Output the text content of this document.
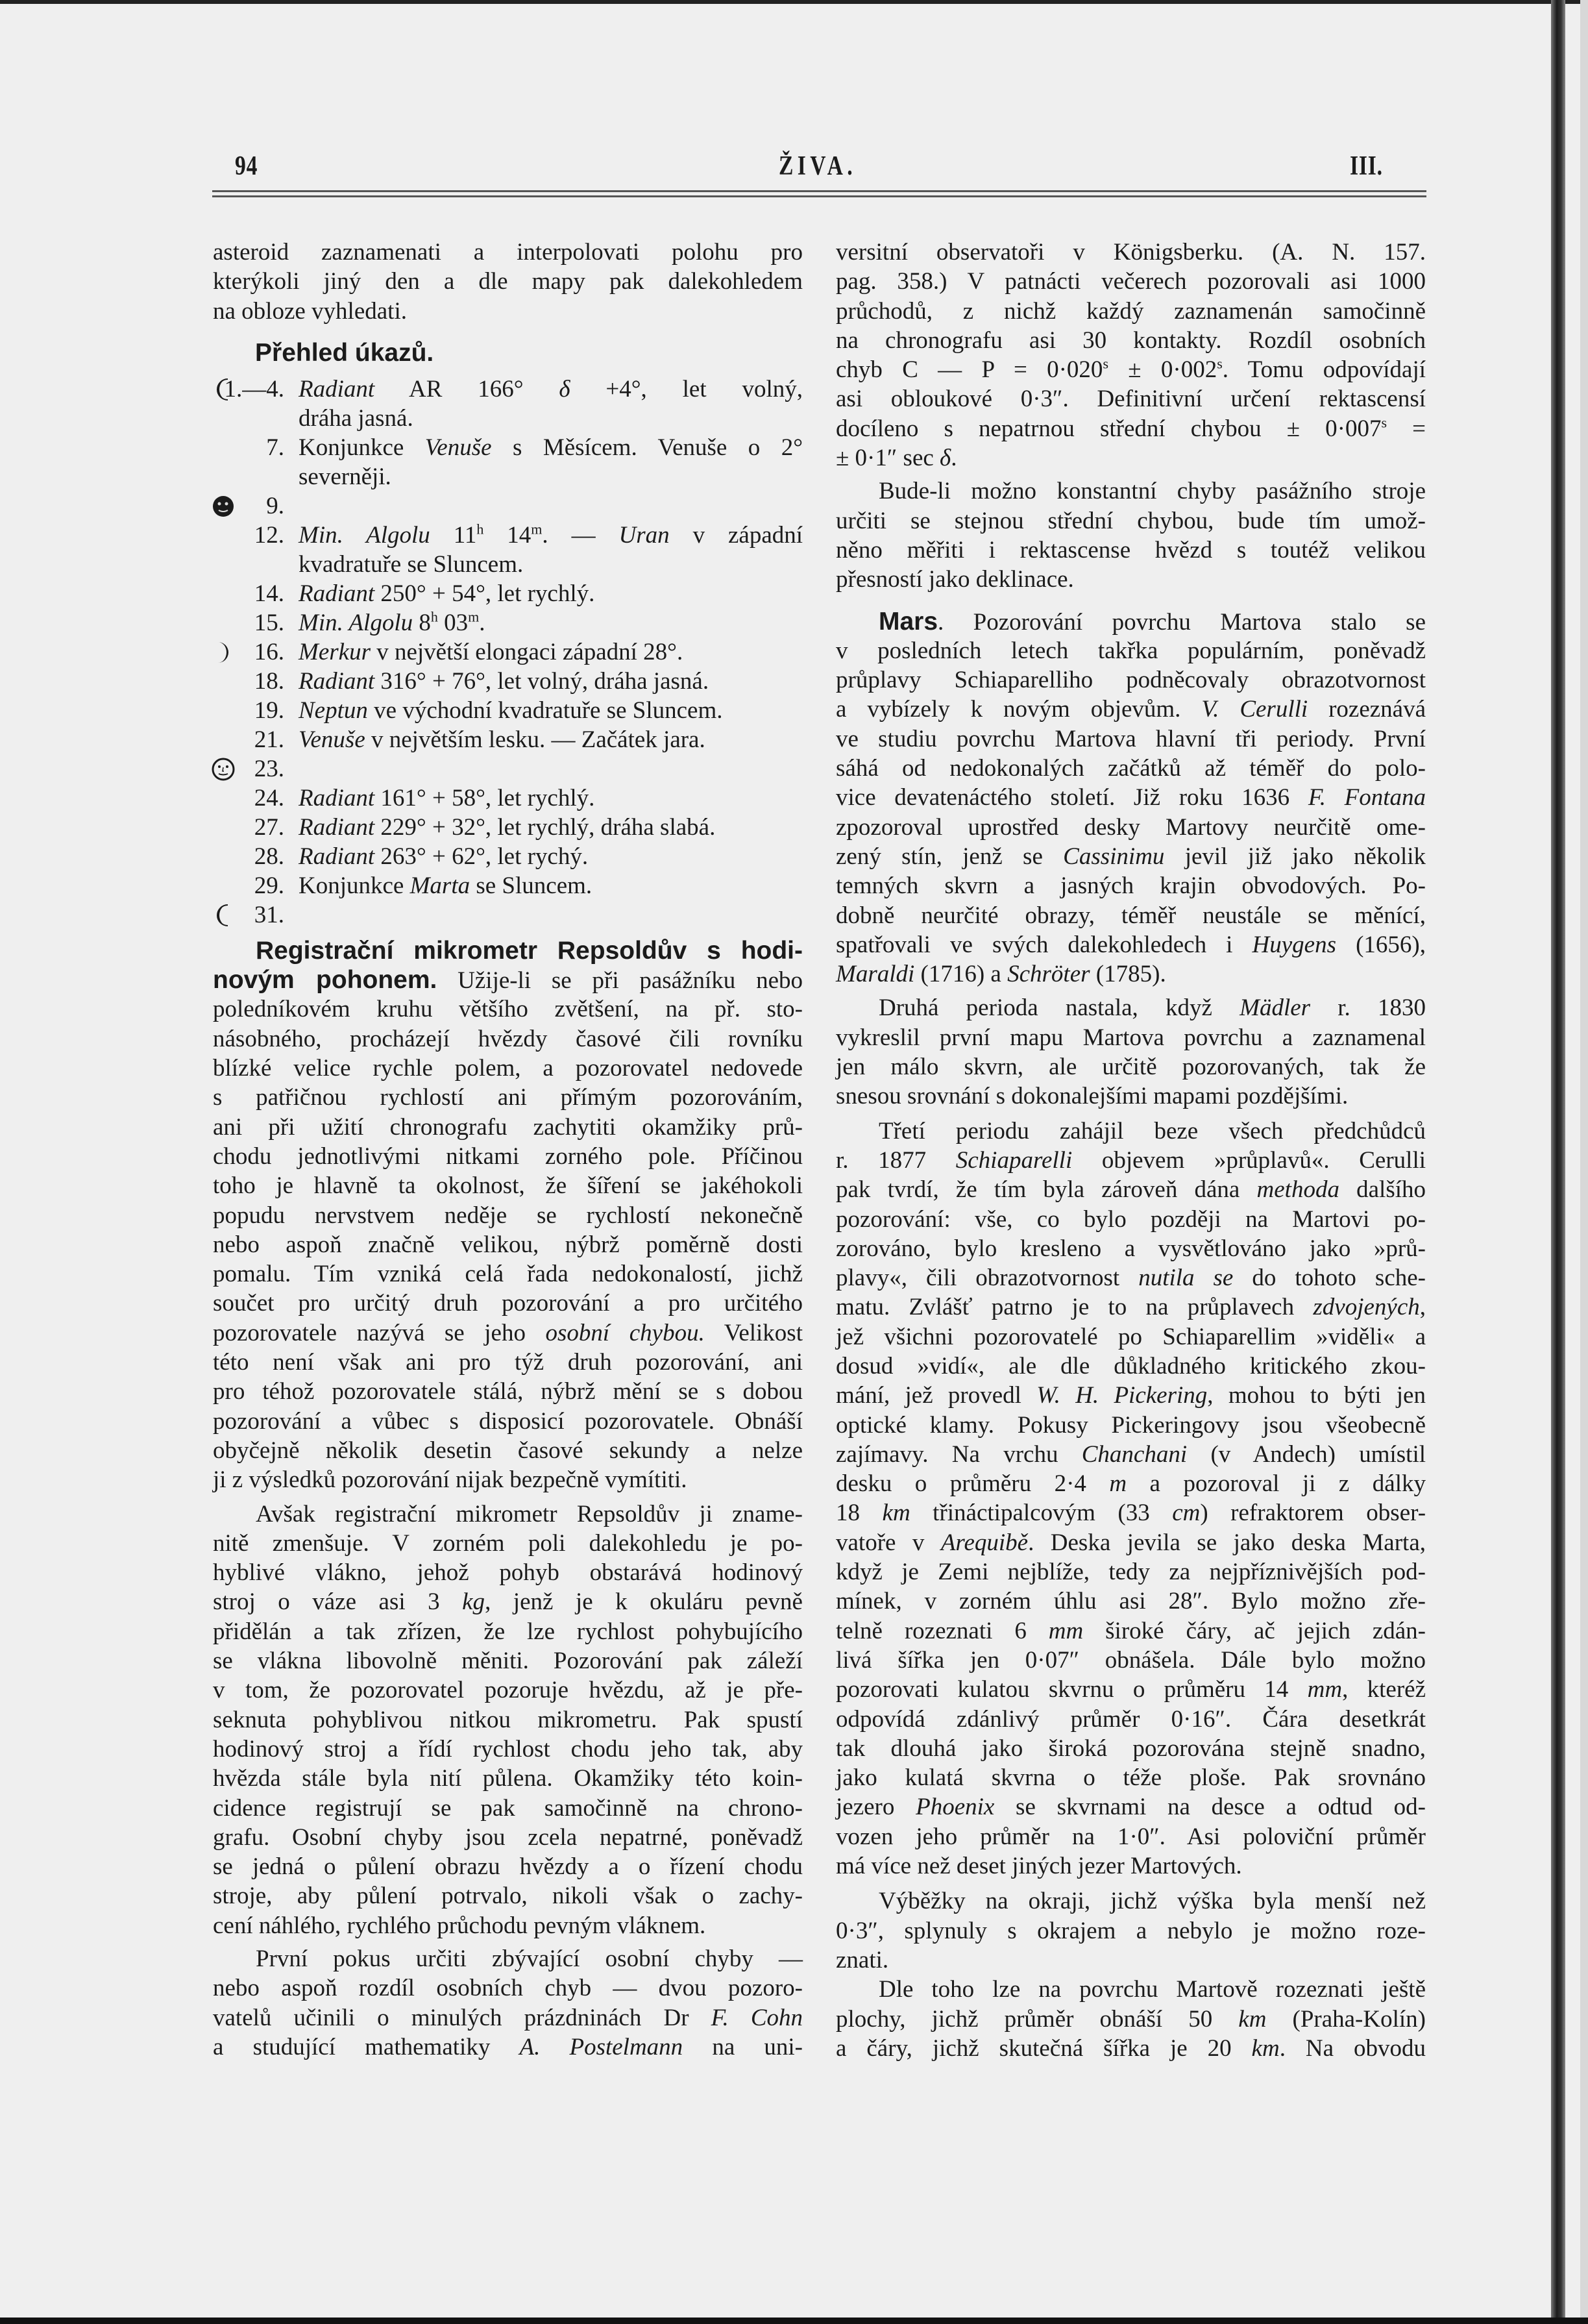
94	ŽIVA.	III.
asteroid zaznamenati a interpolovati polohu pro
kterýkoli jiný den a dle mapy pak dalekohledem
na obloze vyhledati.
Přehled úkazů.
1.—4. Radiant AR 166° δ +4°, let volný,
dráha jasná.
7. Konjunkce Venuše s Měsícem. Venuše o 2°
severněji.
9.
12. Min. Algolu 11$^h$ 14$^m$. — Uran v západní
kvadratuře se Sluncem.
14. Radiant 250° + 54°, let rychlý.
15. Min. Algolu 8$^h$ 03$^m$.
16. Merkur v největší elongaci západní 28°.
18. Radiant 316° + 76°, let volný, dráha jasná.
19. Neptun ve východní kvadratuře se Sluncem.
21. Venuše v největším lesku. — Začátek jara.
23.
24. Radiant 161° + 58°, let rychlý.
27. Radiant 229° + 32°, let rychlý, dráha slabá.
28. Radiant 263° + 62°, let rychý.
29. Konjunkce Marta se Sluncem.
31.
Registrační mikrometr Repsoldův s hodi-
novým pohonem. Užije-li se při pasážníku nebo
poledníkovém kruhu většího zvětšení, na př. sto-
násobného, procházejí hvězdy časové čili rovníku
blízké velice rychle polem, a pozorovatel nedovede
s patřičnou rychlostí ani přímým pozorováním,
ani při užití chronografu zachytiti okamžiky prů-
chodu jednotlivými nitkami zorného pole. Příčinou
toho je hlavně ta okolnost, že šíření se jakéhokoli
popudu nervstvem neděje se rychlostí nekonečně
nebo aspoň značně velikou, nýbrž poměrně dosti
pomalu. Tím vzniká celá řada nedokonalostí, jichž
součet pro určitý druh pozorování a pro určitého
pozorovatele nazývá se jeho osobní chybou. Velikost
této není však ani pro týž druh pozorování, ani
pro téhož pozorovatele stálá, nýbrž mění se s dobou
pozorování a vůbec s disposicí pozorovatele. Obnáší
obyčejně několik desetin časové sekundy a nelze
ji z výsledků pozorování nijak bezpečně vymítiti.
Avšak registrační mikrometr Repsoldův ji zname-
nitě zmenšuje. V zorném poli dalekohledu je po-
hyblivé vlákno, jehož pohyb obstarává hodinový
stroj o váze asi 3 kg, jenž je k okuláru pevně
přidělán a tak zřízen, že lze rychlost pohybujícího
se vlákna libovolně měniti. Pozorování pak záleží
v tom, že pozorovatel pozoruje hvězdu, až je pře-
seknuta pohyblivou nitkou mikrometru. Pak spustí
hodinový stroj a řídí rychlost chodu jeho tak, aby
hvězda stále byla nití půlena. Okamžiky této koin-
cidence registrují se pak samočinně na chrono-
grafu. Osobní chyby jsou zcela nepatrné, poněvadž
se jedná o půlení obrazu hvězdy a o řízení chodu
stroje, aby půlení potrvalo, nikoli však o zachy-
cení náhlého, rychlého průchodu pevným vláknem.
První pokus určiti zbývající osobní chyby —
nebo aspoň rozdíl osobních chyb — dvou pozoro-
vatelů učinili o minulých prázdninách Dr F. Cohn
a studující mathematiky A. Postelmann na uni-
versitní observatoři v Königsberku. (A. N. 157.
pag. 358.) V patnácti večerech pozorovali asi 1000
průchodů, z nichž každý zaznamenán samočinně
na chronografu asi 30 kontakty. Rozdíl osobních
chyb C — $P = 0\cdot 020^s \pm 0\cdot 002^s$. Tomu odpovídají
asi obloukové 0·3″. Definitivní určení rektascensí
docíleno s nepatrnou střední chybou ± $0\cdot 007^s$ =
± 0·1″ sec δ.
Bude-li možno konstantní chyby pasážního stroje
určiti se stejnou střední chybou, bude tím umož-
něno měřiti i rektascense hvězd s toutéž velikou
přesností jako deklinace.
Mars. Pozorování povrchu Martova stalo se
v posledních letech takřka populárním, poněvadž
průplavy Schiaparelliho podněcovaly obrazotvornost
a vybízely k novým objevům. V. Cerulli rozeznává
ve studiu povrchu Martova hlavní tři periody. První
sáhá od nedokonalých začátků až téměř do polo-
vice devatenáctého století. Již roku 1636 F. Fontana
zpozoroval uprostřed desky Martovy neurčitě ome-
zený stín, jenž se Cassinimu jevil již jako několik
temných skvrn a jasných krajin obvodových. Po-
dobně neurčité obrazy, téměř neustále se měnící,
spatřovali ve svých dalekohledech i Huygens (1656),
Maraldi (1716) a Schröter (1785).
Druhá perioda nastala, když Mädler r. 1830
vykreslil první mapu Martova povrchu a zaznamenal
jen málo skvrn, ale určitě pozorovaných, tak že
snesou srovnání s dokonalejšími mapami pozdějšími.
Třetí periodu zahájil beze všech předchůdců
r. 1877 Schiaparelli objevem »průplavů«. Cerulli
pak tvrdí, že tím byla zároveň dána methoda dalšího
pozorování: vše, co bylo později na Martovi po-
zorováno, bylo kresleno a vysvětlováno jako »prů-
plavy«, čili obrazotvornost nutila se do tohoto sche-
matu. Zvlášť patrno je to na průplavech zdvojených,
jež všichni pozorovatelé po Schiaparellim »viděli« a
dosud »vidí«, ale dle důkladného kritického zkou-
mání, jež provedl W. H. Pickering, mohou to býti jen
optické klamy. Pokusy Pickeringovy jsou všeobecně
zajímavy. Na vrchu Chanchani (v Andech) umístil
desku o průměru 2·4 m a pozoroval ji z dálky
18 km třináctipalcovým (33 cm) refraktorem obser-
vatoře v Arequibě. Deska jevila se jako deska Marta,
když je Zemi nejblíže, tedy za nejpříznivějších pod-
mínek, v zorném úhlu asi 28″. Bylo možno zře-
telně rozeznati 6 mm široké čáry, ač jejich zdán-
livá šířka jen 0·07″ obnášela. Dále bylo možno
pozorovati kulatou skvrnu o průměru 14 mm, kteréž
odpovídá zdánlivý průměr 0·16″. Čára desetkrát
tak dlouhá jako široká pozorována stejně snadno,
jako kulatá skvrna o téže ploše. Pak srovnáno
jezero Phoenix se skvrnami na desce a odtud od-
vozen jeho průměr na 1·0″. Asi poloviční průměr
má více než deset jiných jezer Martových.
Výběžky na okraji, jichž výška byla menší než
0·3″, splynuly s okrajem a nebylo je možno roze-
znati.
Dle toho lze na povrchu Martově rozeznati ještě
plochy, jichž průměr obnáší 50 km (Praha-Kolín)
a čáry, jichž skutečná šířka je 20 km. Na obvodu
